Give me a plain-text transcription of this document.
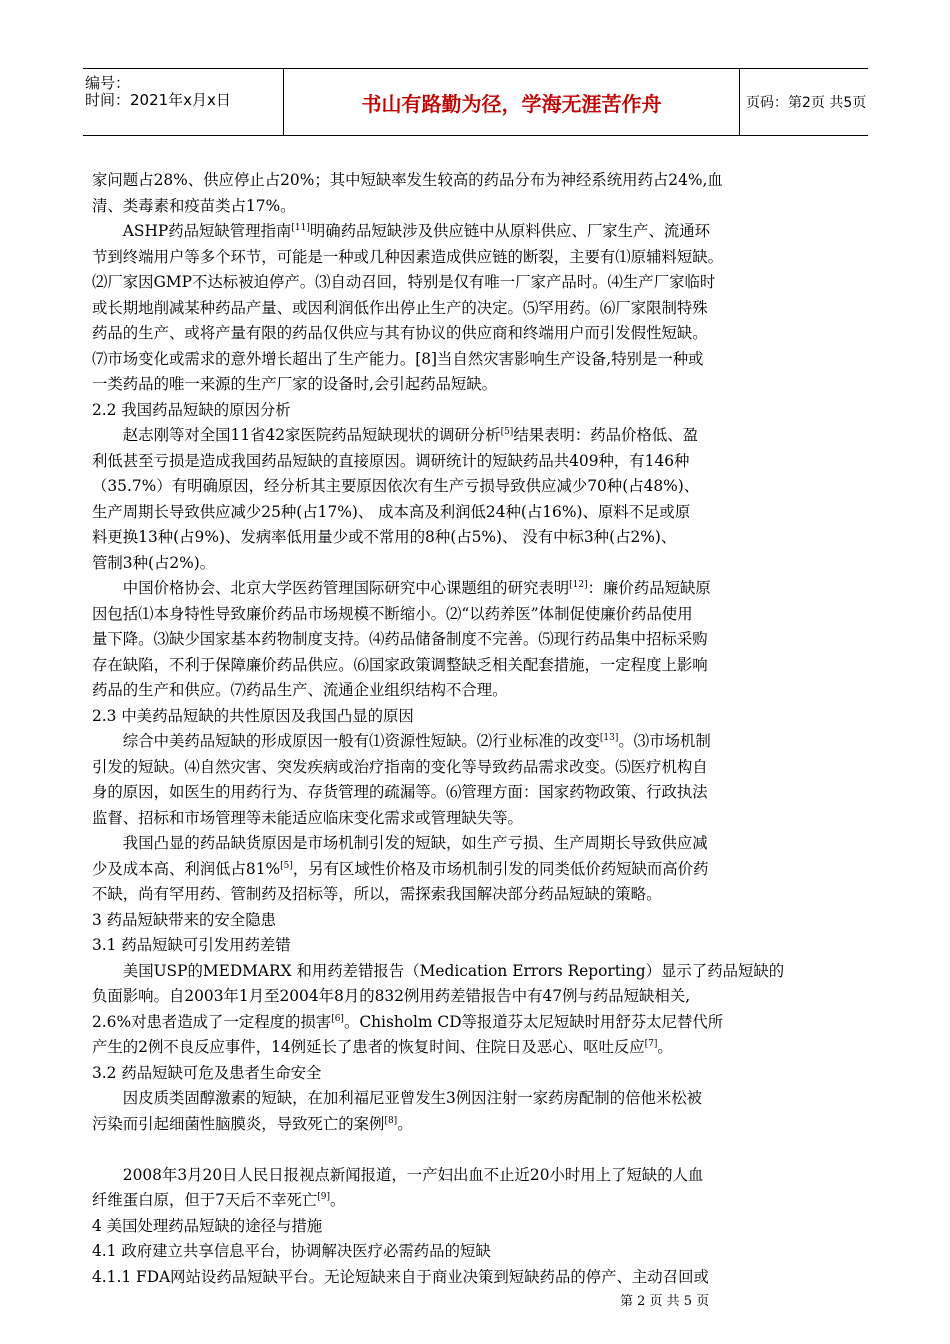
编号：
时间：2021年x月x日	书山有路勤为径，学海无涯苦作舟	页码：第2页 共5页
家问题占28%、供应停止占20%；其中短缺率发生较高的药品分布为神经系统用药占24%,血
清、类毒素和疫苗类占17%。
ASHP药品短缺管理指南[11]明确药品短缺涉及供应链中从原料供应、厂家生产、流通环
节到终端用户等多个环节，可能是一种或几种因素造成供应链的断裂，主要有⑴原辅料短缺。
⑵厂家因GMP不达标被迫停产。⑶自动召回，特别是仅有唯一厂家产品时。⑷生产厂家临时
或长期地削减某种药品产量、或因利润低作出停止生产的决定。⑸罕用药。⑹厂家限制特殊
药品的生产、或将产量有限的药品仅供应与其有协议的供应商和终端用户而引发假性短缺。
⑺市场变化或需求的意外增长超出了生产能力。[8]当自然灾害影响生产设备,特别是一种或
一类药品的唯一来源的生产厂家的设备时,会引起药品短缺。
2.2 我国药品短缺的原因分析
赵志刚等对全国11省42家医院药品短缺现状的调研分析[5]结果表明：药品价格低、盈
利低甚至亏损是造成我国药品短缺的直接原因。调研统计的短缺药品共409种，有146种
（35.7%）有明确原因，经分析其主要原因依次有生产亏损导致供应减少70种(占48%)、
生产周期长导致供应减少25种(占17%)、 成本高及利润低24种(占16%)、原料不足或原
料更换13种(占9%)、发病率低用量少或不常用的8种(占5%)、 没有中标3种(占2%)、
管制3种(占2%)。
中国价格协会、北京大学医药管理国际研究中心课题组的研究表明[12]：廉价药品短缺原
因包括⑴本身特性导致廉价药品市场规模不断缩小。⑵“以药养医”体制促使廉价药品使用
量下降。⑶缺少国家基本药物制度支持。⑷药品储备制度不完善。⑸现行药品集中招标采购
存在缺陷，不利于保障廉价药品供应。⑹国家政策调整缺乏相关配套措施，一定程度上影响
药品的生产和供应。⑺药品生产、流通企业组织结构不合理。
2.3 中美药品短缺的共性原因及我国凸显的原因
综合中美药品短缺的形成原因一般有⑴资源性短缺。⑵行业标准的改变[13]。⑶市场机制
引发的短缺。⑷自然灾害、突发疾病或治疗指南的变化等导致药品需求改变。⑸医疗机构自
身的原因，如医生的用药行为、存货管理的疏漏等。⑹管理方面：国家药物政策、行政执法
监督、招标和市场管理等未能适应临床变化需求或管理缺失等。
我国凸显的药品缺货原因是市场机制引发的短缺，如生产亏损、生产周期长导致供应减
少及成本高、利润低占81%[5]，另有区域性价格及市场机制引发的同类低价药短缺而高价药
不缺，尚有罕用药、管制药及招标等，所以，需探索我国解决部分药品短缺的策略。
3 药品短缺带来的安全隐患
3.1 药品短缺可引发用药差错
美国USP的MEDMARX 和用药差错报告（Medication Errors Reporting）显示了药品短缺的
负面影响。自2003年1月至2004年8月的832例用药差错报告中有47例与药品短缺相关,
2.6%对患者造成了一定程度的损害[6]。Chisholm CD等报道芬太尼短缺时用舒芬太尼替代所
产生的2例不良反应事件，14例延长了患者的恢复时间、住院日及恶心、呕吐反应[7]。
3.2 药品短缺可危及患者生命安全
因皮质类固醇激素的短缺，在加利福尼亚曾发生3例因注射一家药房配制的倍他米松被
污染而引起细菌性脑膜炎，导致死亡的案例[8]。
2008年3月20日人民日报视点新闻报道，一产妇出血不止近20小时用上了短缺的人血
纤维蛋白原，但于7天后不幸死亡[9]。
4 美国处理药品短缺的途径与措施
4.1 政府建立共享信息平台，协调解决医疗必需药品的短缺
4.1.1 FDA网站设药品短缺平台。无论短缺来自于商业决策到短缺药品的停产、主动召回或
第 2 页 共 5 页
